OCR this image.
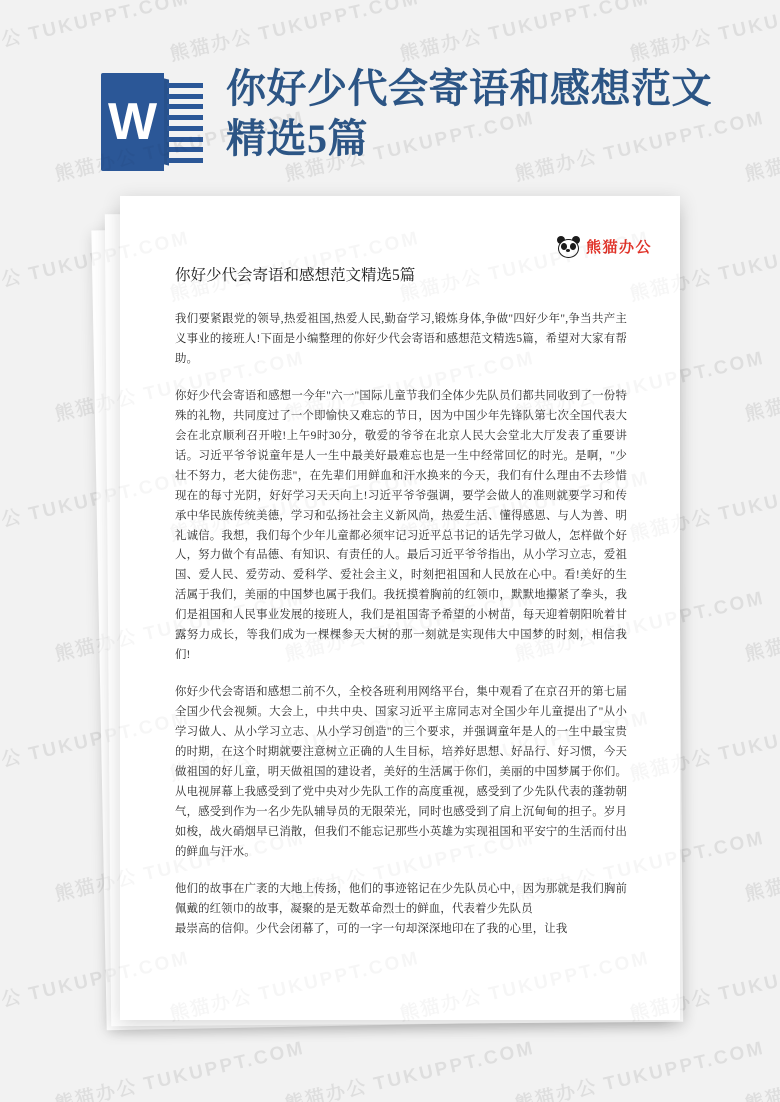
熊猫办公
你好少代会寄语和感想范文精选5篇

我们要紧跟党的领导,热爱祖国,热爱人民,勤奋学习,锻炼身体,争做"四好少年",争当共产主义事业的接班人!下面是小编整理的你好少代会寄语和感想范文精选5篇，希望对大家有帮助。

你好少代会寄语和感想一今年"六一"国际儿童节我们全体少先队员们都共同收到了一份特殊的礼物，共同度过了一个即愉快又难忘的节日，因为中国少年先锋队第七次全国代表大会在北京顺利召开啦!上午9时30分，敬爱的爷爷在北京人民大会堂北大厅发表了重要讲话。习近平爷爷说童年是人一生中最美好最难忘也是一生中经常回忆的时光。是啊，"少壮不努力，老大徒伤悲"，在先辈们用鲜血和汗水换来的今天，我们有什么理由不去珍惜现在的每寸光阴，好好学习天天向上!习近平爷爷强调，要学会做人的准则就要学习和传承中华民族传统美德，学习和弘扬社会主义新风尚，热爱生活、懂得感恩、与人为善、明礼诚信。我想，我们每个少年儿童都必须牢记习近平总书记的话先学习做人，怎样做个好人，努力做个有品德、有知识、有责任的人。最后习近平爷爷指出，从小学习立志，爱祖国、爱人民、爱劳动、爱科学、爱社会主义，时刻把祖国和人民放在心中。看!美好的生活属于我们，美丽的中国梦也属于我们。我抚摸着胸前的红领巾，默默地攥紧了拳头，我们是祖国和人民事业发展的接班人，我们是祖国寄予希望的小树苗，每天迎着朝阳吮着甘露努力成长，等我们成为一棵棵参天大树的那一刻就是实现伟大中国梦的时刻，相信我们!

你好少代会寄语和感想二前不久，全校各班利用网络平台，集中观看了在京召开的第七届全国少代会视频。大会上，中共中央、国家习近平主席同志对全国少年儿童提出了"从小学习做人、从小学习立志、从小学习创造"的三个要求，并强调童年是人的一生中最宝贵的时期，在这个时期就要注意树立正确的人生目标，培养好思想、好品行、好习惯，今天做祖国的好儿童，明天做祖国的建设者，美好的生活属于你们，美丽的中国梦属于你们。从电视屏幕上我感受到了党中央对少先队工作的高度重视，感受到了少先队代表的蓬勃朝气，感受到作为一名少先队辅导员的无限荣光，同时也感受到了肩上沉甸甸的担子。岁月如梭，战火硝烟早已消散，但我们不能忘记那些小英雄为实现祖国和平安宁的生活而付出的鲜血与汗水。

他们的故事在广袤的大地上传扬，他们的事迹铭记在少先队员心中，因为那就是我们胸前佩戴的红领巾的故事，凝聚的是无数革命烈士的鲜血，代表着少先队员

最崇高的信仰。少代会闭幕了，可的一字一句却深深地印在了我的心里，让我

W
你好少代会寄语和感想范文精选5篇
